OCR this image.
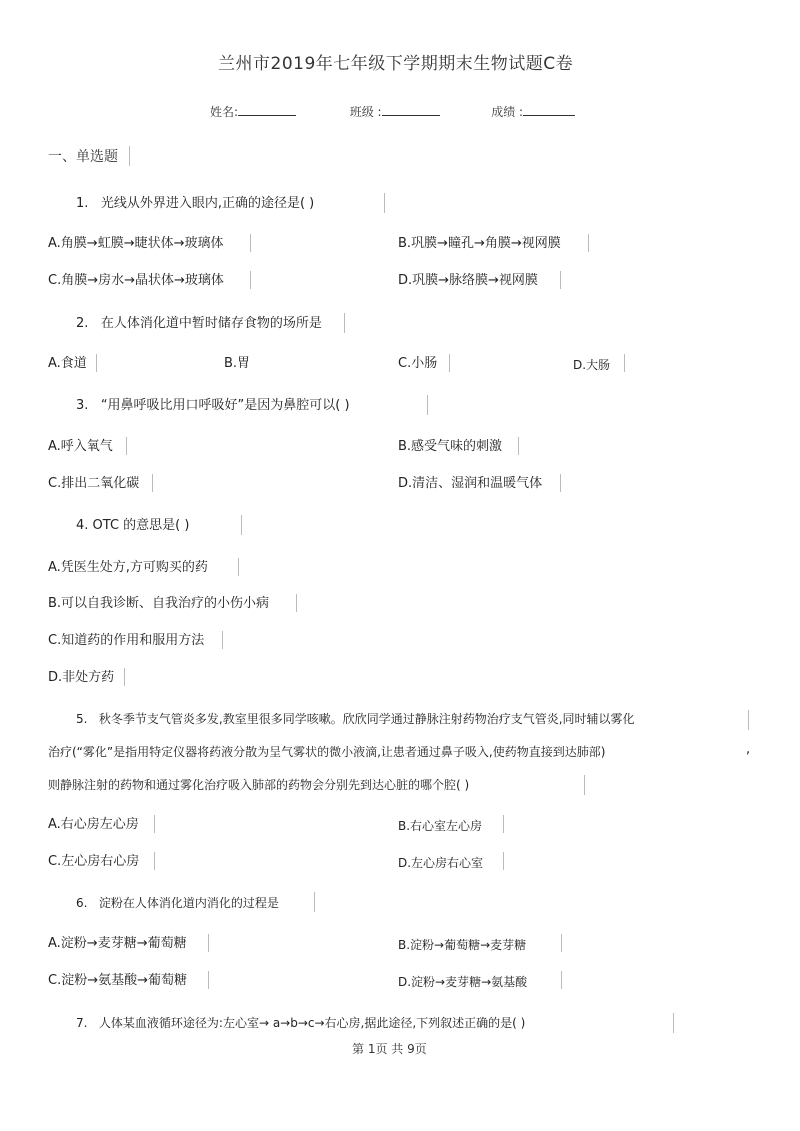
兰州市2019年七年级下学期期末生物试题C卷
姓名:	班级 :	成绩 :
一、单选题
1. 光线从外界进入眼内,正确的途径是( )
A.角膜→虹膜→睫状体→玻璃体	B.巩膜→瞳孔→角膜→视网膜
C.角膜→房水→晶状体→玻璃体	D.巩膜→脉络膜→视网膜
2. 在人体消化道中暂时储存食物的场所是
A.食道	B.胃	C.小肠	D.大肠
3. “用鼻呼吸比用口呼吸好”是因为鼻腔可以( )
A.呼入氧气	B.感受气味的刺激
C.排出二氧化碳	D.清洁、湿润和温暖气体
4. OTC 的意思是( )
A.凭医生处方,方可购买的药
B.可以自我诊断、自我治疗的小伤小病
C.知道药的作用和服用方法
D.非处方药
5. 秋冬季节支气管炎多发,教室里很多同学咳嗽。欣欣同学通过静脉注射药物治疗支气管炎,同时辅以雾化
治疗(“雾化”是指用特定仪器将药液分散为呈气雾状的微小液滴,让患者通过鼻子吸入,使药物直接到达肺部)	,
则静脉注射的药物和通过雾化治疗吸入肺部的药物会分别先到达心脏的哪个腔( )
A.右心房左心房	B.右心室左心房
C.左心房右心房	D.左心房右心室
6. 淀粉在人体消化道内消化的过程是
A.淀粉→麦芽糖→葡萄糖	B.淀粉→葡萄糖→麦芽糖
C.淀粉→氨基酸→葡萄糖	D.淀粉→麦芽糖→氨基酸
7. 人体某血液循环途径为:左心室→ a→b→c→右心房,据此途径,下列叙述正确的是( )
第 1页 共 9页
